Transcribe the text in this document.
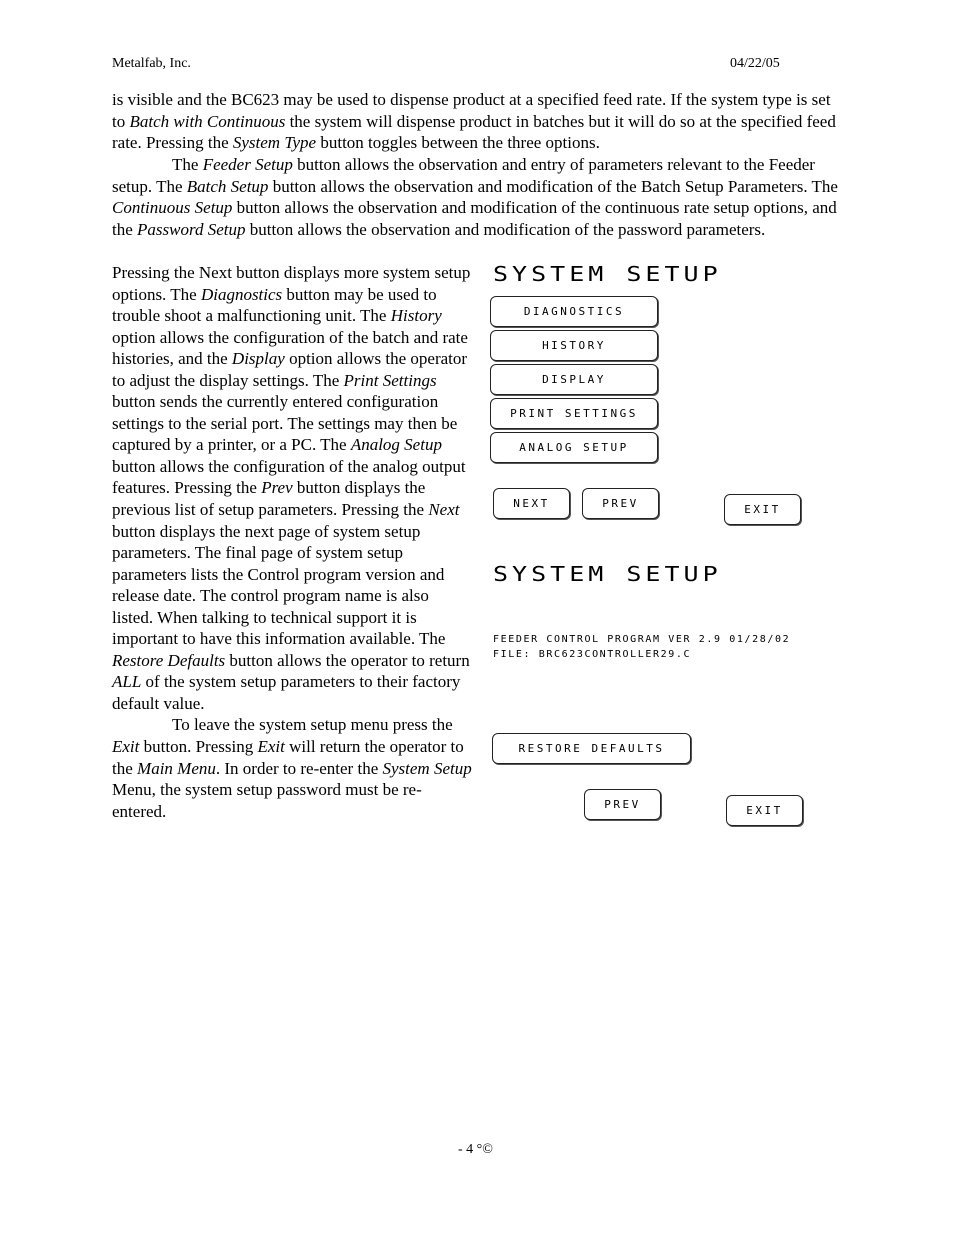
Metalfab, Inc.	04/22/05

is visible and the BC623 may be used to dispense product at a specified feed rate. If the system type is set to Batch with Continuous the system will dispense product in batches but it will do so at the specified feed rate. Pressing the System Type button toggles between the three options.

The Feeder Setup button allows the observation and entry of parameters relevant to the Feeder setup. The Batch Setup button allows the observation and modification of the Batch Setup Parameters. The Continuous Setup button allows the observation and modification of the continuous rate setup options, and the Password Setup button allows the observation and modification of the password parameters.

Pressing the Next button displays more system setup options. The Diagnostics button may be used to trouble shoot a malfunctioning unit. The History option allows the configuration of the batch and rate histories, and the Display option allows the operator to adjust the display settings. The Print Settings button sends the currently entered configuration settings to the serial port. The settings may then be captured by a printer, or a PC. The Analog Setup button allows the configuration of the analog output features. Pressing the Prev button displays the previous list of setup parameters. Pressing the Next button displays the next page of system setup parameters. The final page of system setup parameters lists the Control program version and release date. The control program name is also listed. When talking to technical support it is important to have this information available. The Restore Defaults button allows the operator to return ALL of the system setup parameters to their factory default value.
To leave the system setup menu press the Exit button. Pressing Exit will return the operator to the Main Menu. In order to re-enter the System Setup Menu, the system setup password must be re-entered.
SYSTEM SETUP
DIAGNOSTICS
HISTORY
DISPLAY
PRINT SETTINGS
ANALOG SETUP
NEXT	PREV	EXIT
SYSTEM SETUP
FEEDER CONTROL PROGRAM VER 2.9 01/28/02
FILE: BRC623CONTROLLER29.C
RESTORE DEFAULTS
PREV	EXIT
- 4 °©
